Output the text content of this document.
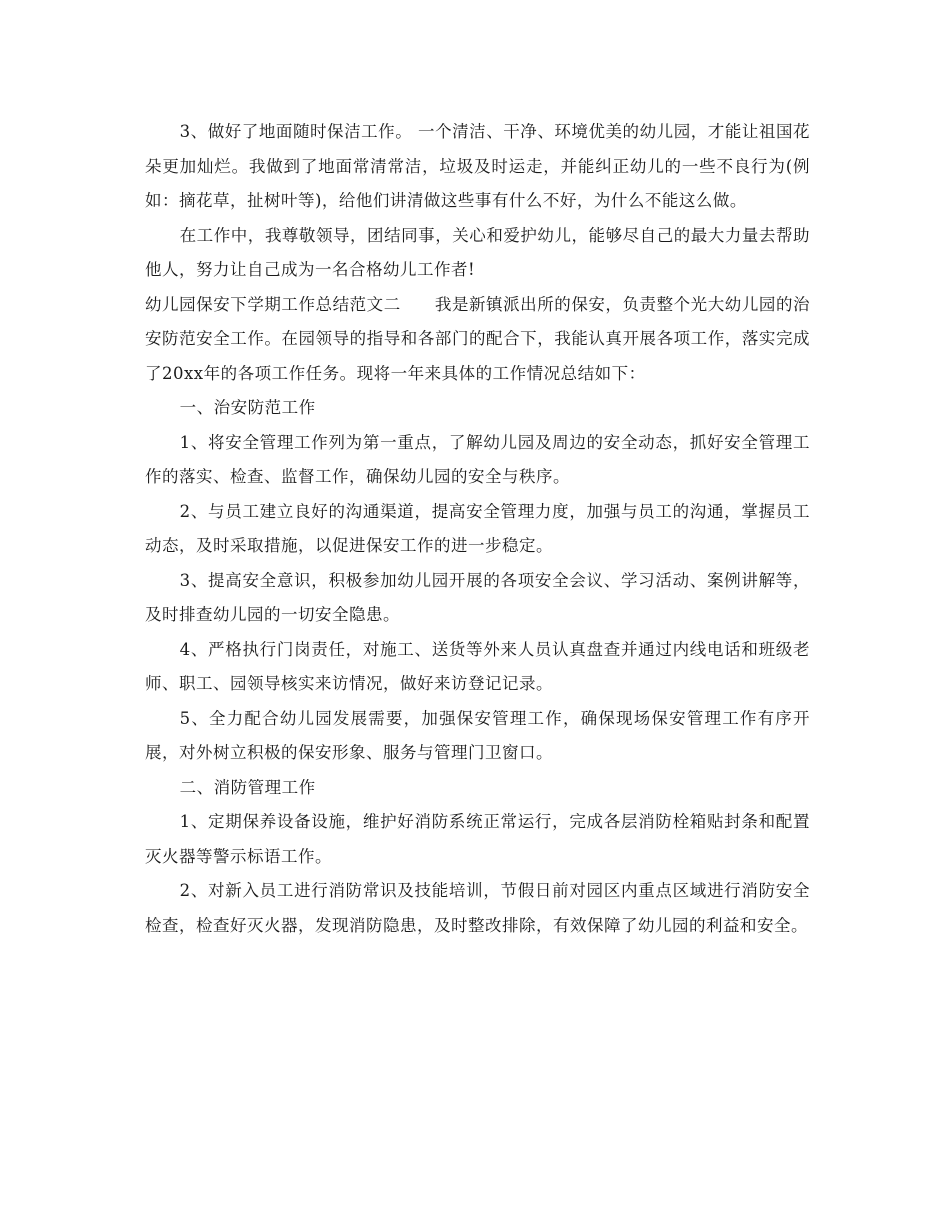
3、做好了地面随时保洁工作。 一个清洁、干净、环境优美的幼儿园，才能让祖国花朵更加灿烂。我做到了地面常清常洁，垃圾及时运走，并能纠正幼儿的一些不良行为(例如：摘花草，扯树叶等)，给他们讲清做这些事有什么不好，为什么不能这么做。

在工作中，我尊敬领导，团结同事，关心和爱护幼儿，能够尽自己的最大力量去帮助他人，努力让自己成为一名合格幼儿工作者!

幼儿园保安下学期工作总结范文二　　我是新镇派出所的保安，负责整个光大幼儿园的治安防范安全工作。在园领导的指导和各部门的配合下，我能认真开展各项工作，落实完成了20xx年的各项工作任务。现将一年来具体的工作情况总结如下：

一、治安防范工作

1、将安全管理工作列为第一重点，了解幼儿园及周边的安全动态，抓好安全管理工作的落实、检查、监督工作，确保幼儿园的安全与秩序。

2、与员工建立良好的沟通渠道，提高安全管理力度，加强与员工的沟通，掌握员工动态，及时采取措施，以促进保安工作的进一步稳定。

3、提高安全意识，积极参加幼儿园开展的各项安全会议、学习活动、案例讲解等，及时排查幼儿园的一切安全隐患。

4、严格执行门岗责任，对施工、送货等外来人员认真盘查并通过内线电话和班级老师、职工、园领导核实来访情况，做好来访登记记录。

5、全力配合幼儿园发展需要，加强保安管理工作，确保现场保安管理工作有序开展，对外树立积极的保安形象、服务与管理门卫窗口。

二、消防管理工作

1、定期保养设备设施，维护好消防系统正常运行，完成各层消防栓箱贴封条和配置灭火器等警示标语工作。

2、对新入员工进行消防常识及技能培训，节假日前对园区内重点区域进行消防安全检查，检查好灭火器，发现消防隐患，及时整改排除，有效保障了幼儿园的利益和安全。
